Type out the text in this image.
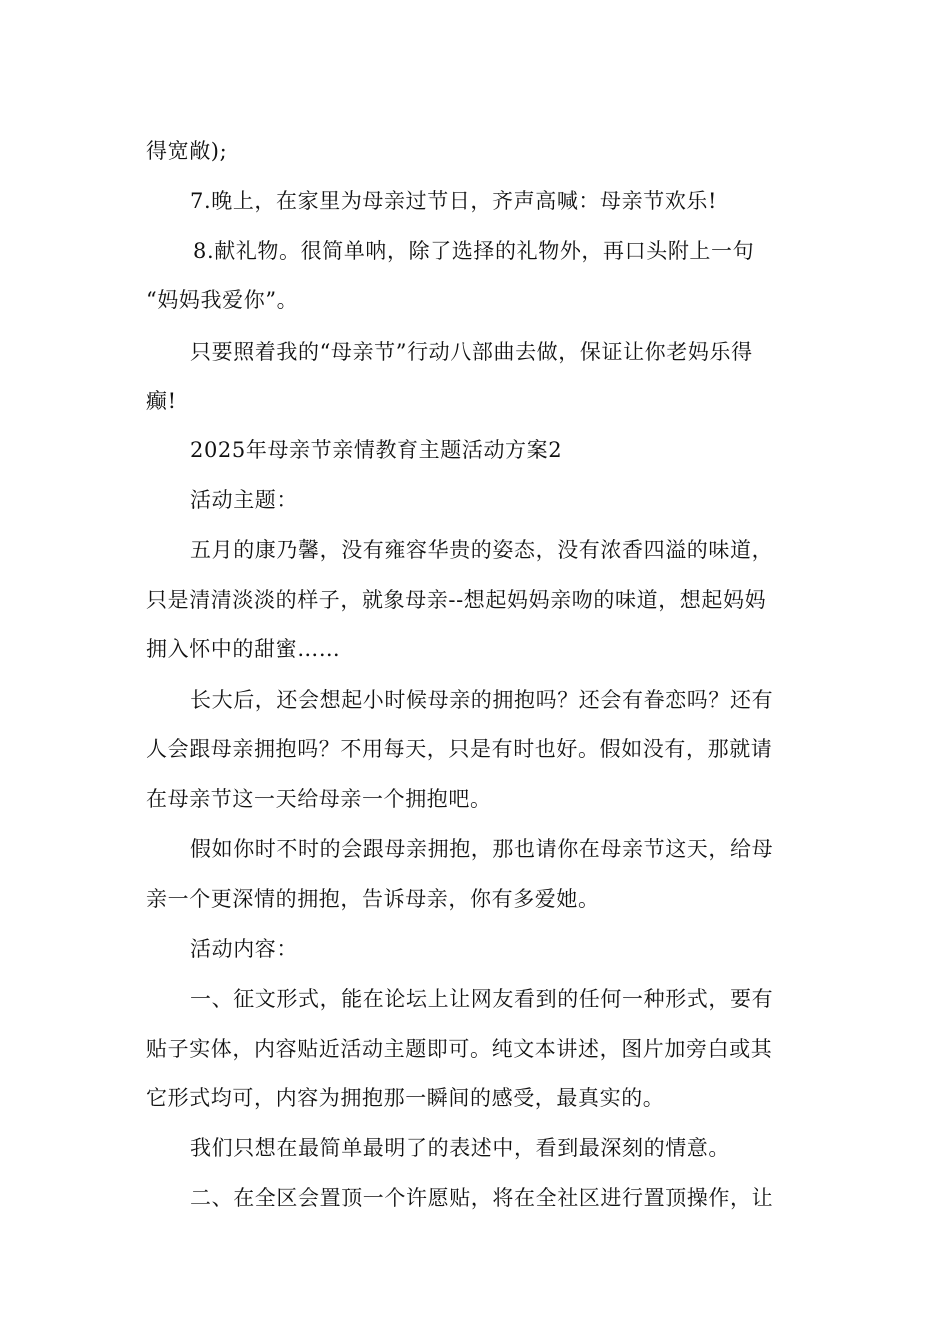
得宽敞);
7.晚上，在家里为母亲过节日，齐声高喊：母亲节欢乐!
8.献礼物。很简单呐，除了选择的礼物外，再口头附上一句
“妈妈我爱你”。
只要照着我的“母亲节”行动八部曲去做，保证让你老妈乐得
癫!
2025年母亲节亲情教育主题活动方案2
活动主题：
五月的康乃馨，没有雍容华贵的姿态，没有浓香四溢的味道，
只是清清淡淡的样子，就象母亲--想起妈妈亲吻的味道，想起妈妈
拥入怀中的甜蜜……
长大后，还会想起小时候母亲的拥抱吗？还会有眷恋吗？还有
人会跟母亲拥抱吗？不用每天，只是有时也好。假如没有，那就请
在母亲节这一天给母亲一个拥抱吧。
假如你时不时的会跟母亲拥抱，那也请你在母亲节这天，给母
亲一个更深情的拥抱，告诉母亲，你有多爱她。
活动内容：
一、征文形式，能在论坛上让网友看到的任何一种形式，要有
贴子实体，内容贴近活动主题即可。纯文本讲述，图片加旁白或其
它形式均可，内容为拥抱那一瞬间的感受，最真实的。
我们只想在最简单最明了的表述中，看到最深刻的情意。
二、在全区会置顶一个许愿贴，将在全社区进行置顶操作，让
